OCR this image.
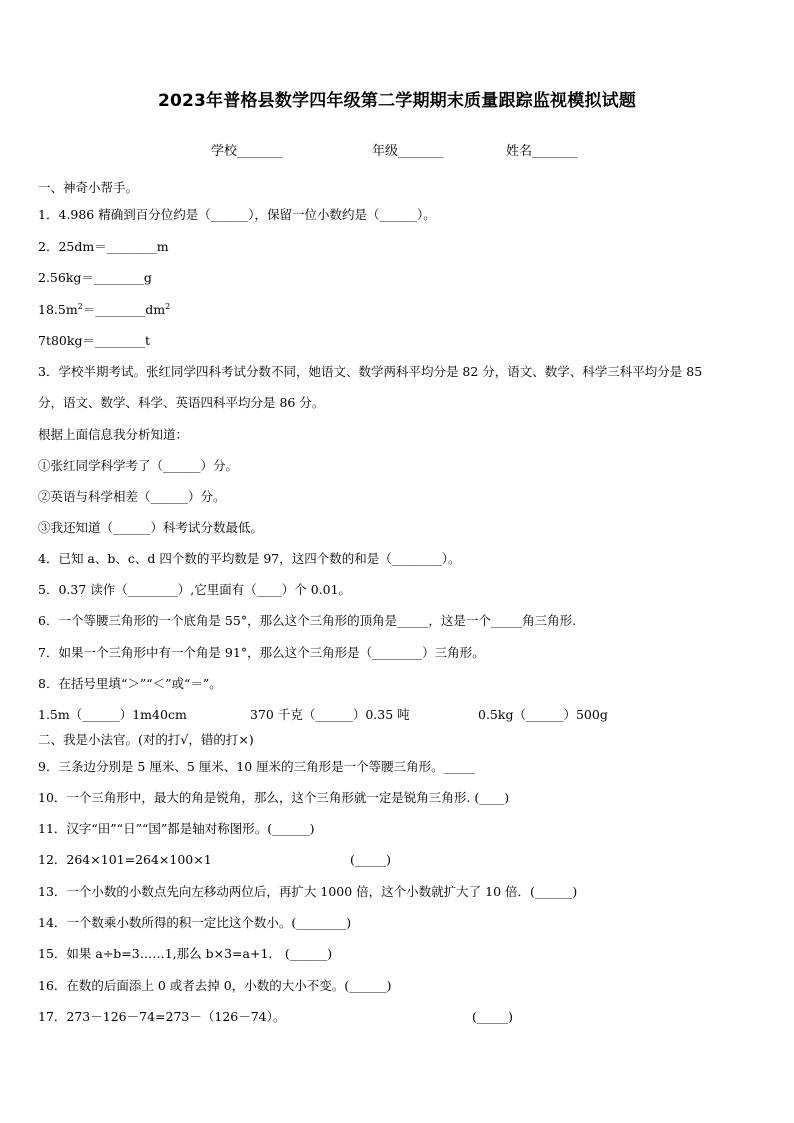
2023年普格县数学四年级第二学期期末质量跟踪监视模拟试题
学校_______	年级_______	姓名_______
一、神奇小帮手。
1．4.986 精确到百分位约是（______），保留一位小数约是（______）。
2．25dm＝________m
2.56kg＝________g
$18.5m^2=\_\_\_\_\_\_\_\_dm^2$
7t80kg＝________t
3．学校半期考试。张红同学四科考试分数不同，她语文、数学两科平均分是 82 分，语文、数学、科学三科平均分是 85
分，语文、数学、科学、英语四科平均分是 86 分。
根据上面信息我分析知道：
①张红同学科学考了（______）分。
②英语与科学相差（______）分。
③我还知道（______）科考试分数最低。
4．已知 a、b、c、d 四个数的平均数是 97，这四个数的和是（________）。
5．0.37 读作（________）,它里面有（____）个 0.01。
6．一个等腰三角形的一个底角是 55°，那么这个三角形的顶角是_____，这是一个_____角三角形.
7．如果一个三角形中有一个角是 91°，那么这个三角形是（________）三角形。
8．在括号里填“＞”“＜”或“＝”。
1.5m（______）1m40cm	370 千克（______）0.35 吨	0.5kg（______）500g
二、我是小法官。(对的打√，错的打×)
9．三条边分别是 5 厘米、5 厘米、10 厘米的三角形是一个等腰三角形。_____
10．一个三角形中，最大的角是锐角，那么，这个三角形就一定是锐角三角形. (____)
11．汉字“田”“日”“国”都是轴对称图形。(______)
12．264×101=264×100×1	(_____)
13．一个小数的小数点先向左移动两位后，再扩大 1000 倍，这个小数就扩大了 10 倍．(______)
14．一个数乘小数所得的积一定比这个数小。(________)
15．如果 a÷b=3……1,那么 b×3=a+1． (______)
16．在数的后面添上 0 或者去掉 0，小数的大小不变。(______)
17．273－126－74=273－（126－74）。	(_____)
